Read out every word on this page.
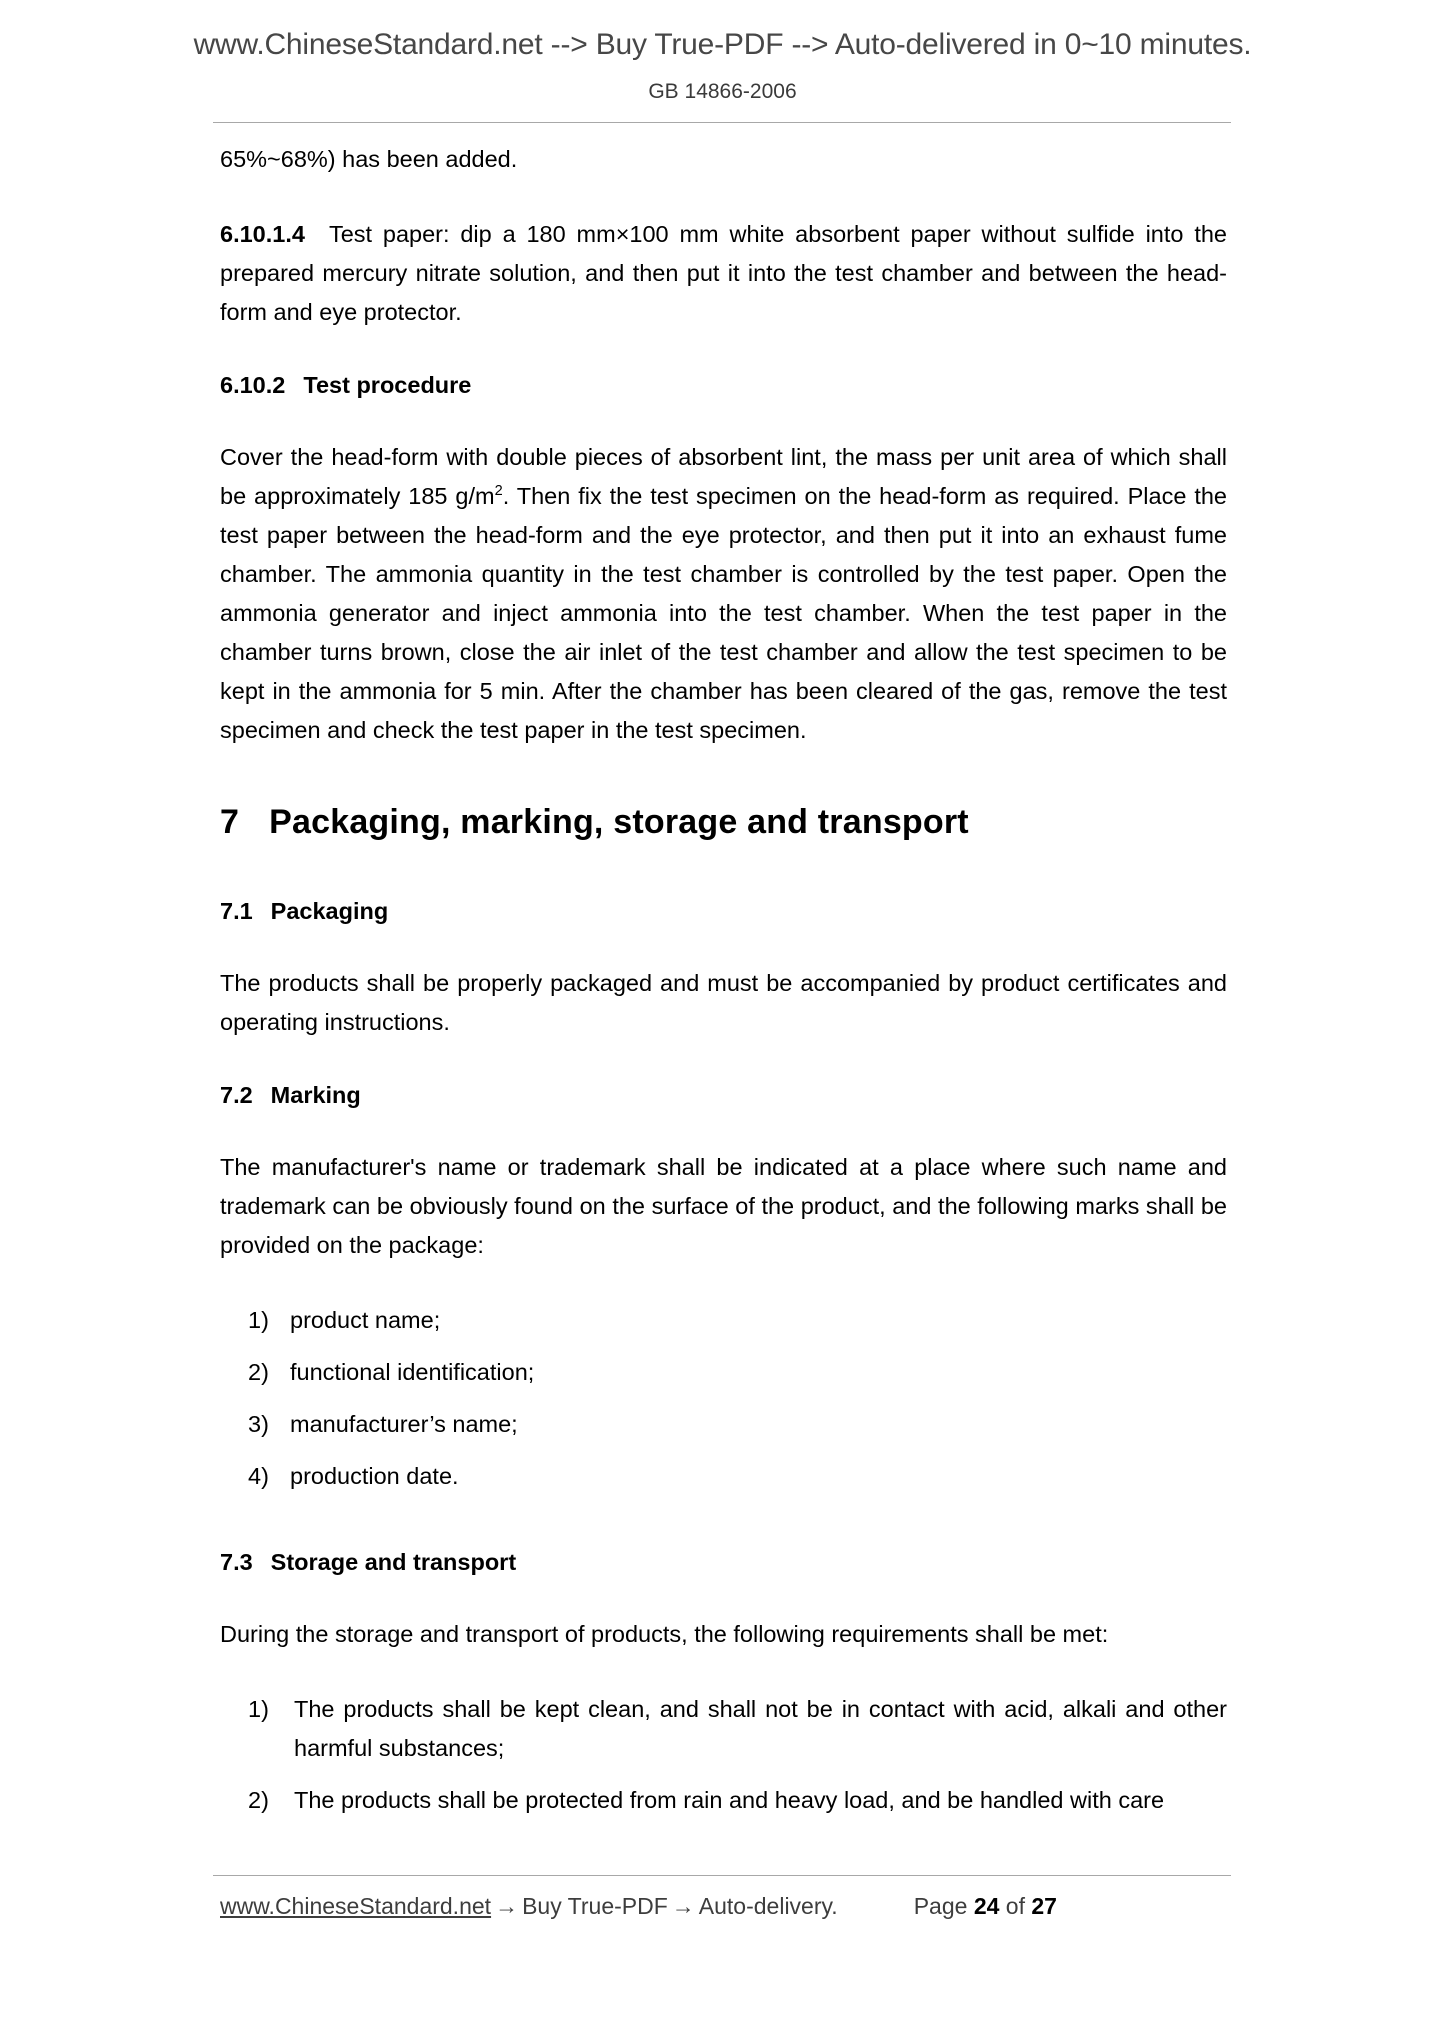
www.ChineseStandard.net --> Buy True-PDF --> Auto-delivered in 0~10 minutes.
GB 14866-2006

65%~68%) has been added.

6.10.1.4 Test paper: dip a 180 mm×100 mm white absorbent paper without sulfide into the prepared mercury nitrate solution, and then put it into the test chamber and between the head-form and eye protector.

6.10.2 Test procedure

Cover the head-form with double pieces of absorbent lint, the mass per unit area of which shall be approximately 185 $g/m^2$. Then fix the test specimen on the head-form as required. Place the test paper between the head-form and the eye protector, and then put it into an exhaust fume chamber. The ammonia quantity in the test chamber is controlled by the test paper. Open the ammonia generator and inject ammonia into the test chamber. When the test paper in the chamber turns brown, close the air inlet of the test chamber and allow the test specimen to be kept in the ammonia for 5 min. After the chamber has been cleared of the gas, remove the test specimen and check the test paper in the test specimen.

7 Packaging, marking, storage and transport
7.1 Packaging

The products shall be properly packaged and must be accompanied by product certificates and operating instructions.

7.2 Marking

The manufacturer's name or trademark shall be indicated at a place where such name and trademark can be obviously found on the surface of the product, and the following marks shall be provided on the package:

1) product name;
2) functional identification;
3) manufacturer’s name;
4) production date.
7.3 Storage and transport

During the storage and transport of products, the following requirements shall be met:

1) The products shall be kept clean, and shall not be in contact with acid, alkali and other harmful substances;
2) The products shall be protected from rain and heavy load, and be handled with care
www.ChineseStandard.net → Buy True-PDF → Auto-delivery.	Page 24 of 27
